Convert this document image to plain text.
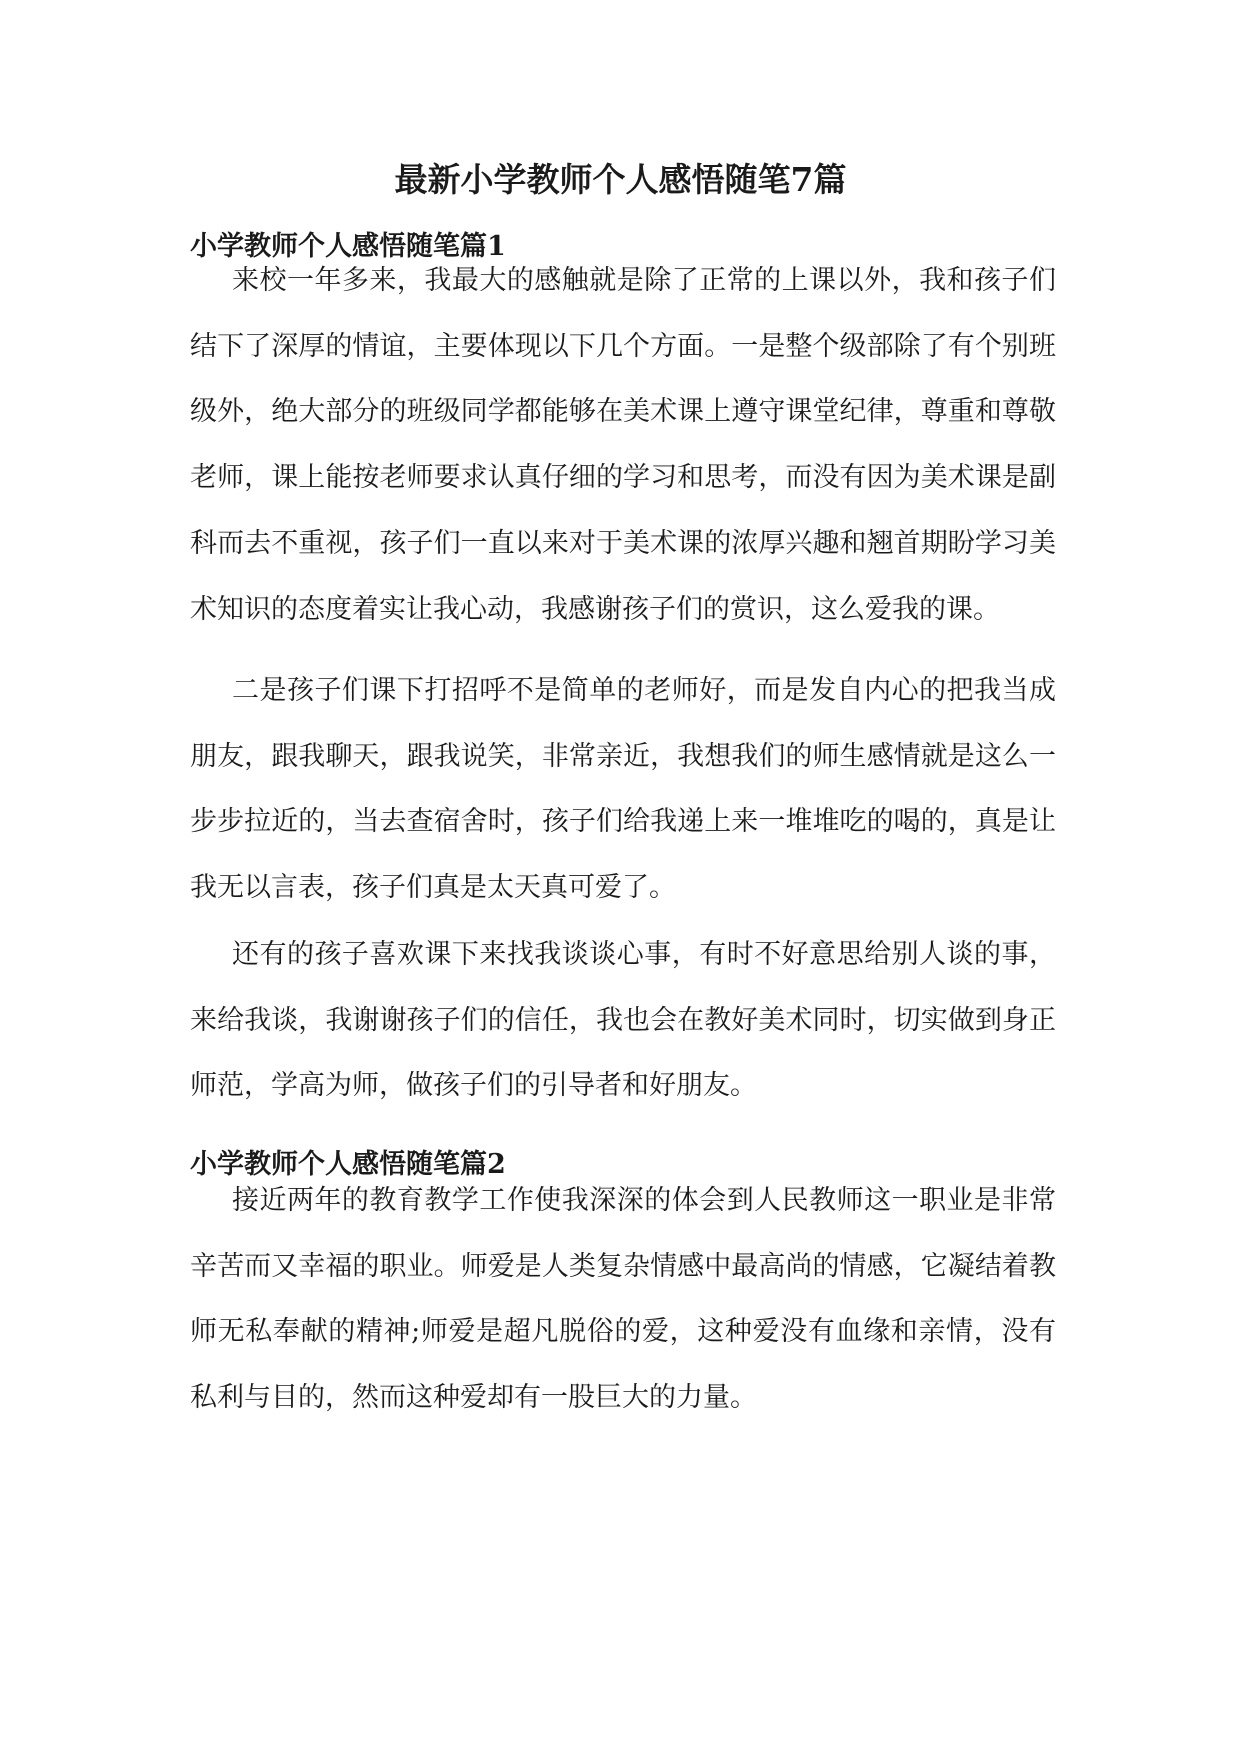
最新小学教师个人感悟随笔7篇
小学教师个人感悟随笔篇1

来校一年多来，我最大的感触就是除了正常的上课以外，我和孩子们结下了深厚的情谊，主要体现以下几个方面。一是整个级部除了有个别班级外，绝大部分的班级同学都能够在美术课上遵守课堂纪律，尊重和尊敬老师，课上能按老师要求认真仔细的学习和思考，而没有因为美术课是副科而去不重视，孩子们一直以来对于美术课的浓厚兴趣和翘首期盼学习美术知识的态度着实让我心动，我感谢孩子们的赏识，这么爱我的课。

二是孩子们课下打招呼不是简单的老师好，而是发自内心的把我当成朋友，跟我聊天，跟我说笑，非常亲近，我想我们的师生感情就是这么一步步拉近的，当去查宿舍时，孩子们给我递上来一堆堆吃的喝的，真是让我无以言表，孩子们真是太天真可爱了。

还有的孩子喜欢课下来找我谈谈心事，有时不好意思给别人谈的事，来给我谈，我谢谢孩子们的信任，我也会在教好美术同时，切实做到身正师范，学高为师，做孩子们的引导者和好朋友。

小学教师个人感悟随笔篇2

接近两年的教育教学工作使我深深的体会到人民教师这一职业是非常辛苦而又幸福的职业。师爱是人类复杂情感中最高尚的情感，它凝结着教师无私奉献的精神;师爱是超凡脱俗的爱，这种爱没有血缘和亲情，没有私利与目的，然而这种爱却有一股巨大的力量。
